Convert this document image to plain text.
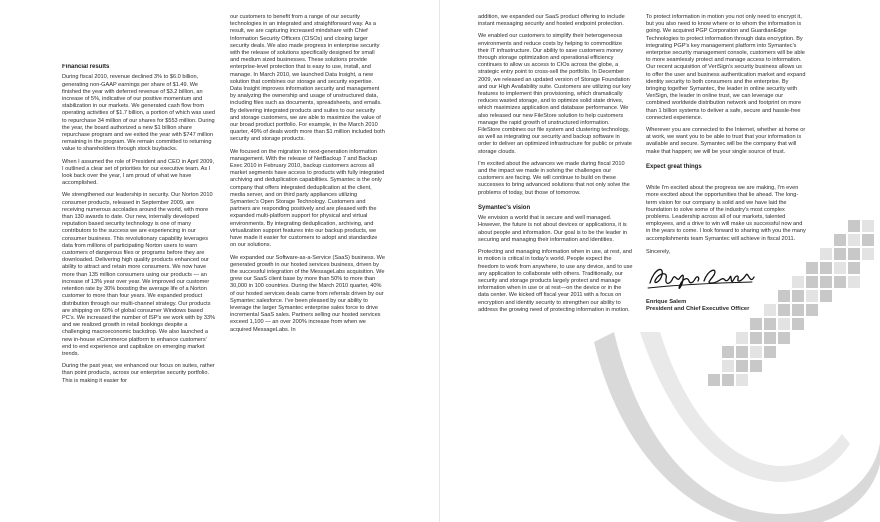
Financial results

During fiscal 2010, revenue declined 3% to $6.0 billion, generating non-GAAP earnings per share of $1.49. We finished the year with deferred revenue of $3.2 billion, an increase of 5%, indicative of our positive momentum and stabilization in our markets. We generated cash flow from operating activities of $1.7 billion, a portion of which was used to repurchase 34 million of our shares for $553 million. During the year, the board authorized a new $1 billion share repurchase program and we exited the year with $747 million remaining in the program. We remain committed to returning value to shareholders through stock buybacks.

When I assumed the role of President and CEO in April 2009, I outlined a clear set of priorities for our executive team. As I look back over the year, I am proud of what we have accomplished.

We strengthened our leadership in security. Our Norton 2010 consumer products, released in September 2009, are receiving numerous accolades around the world, with more than 130 awards to date. Our new, internally developed reputation based security technology is one of many contributors to the success we are experiencing in our consumer business. This revolutionary capability leverages data from millions of participating Norton users to warn customers of dangerous files or programs before they are downloaded. Delivering high quality products enhanced our ability to attract and retain more consumers. We now have more than 135 million consumers using our products — an increase of 13% year over year. We improved our customer retention rate by 30% boosting the average life of a Norton customer to more than four years. We expanded product distribution through our multi-channel strategy. Our products are shipping on 60% of global consumer Windows based PC's. We increased the number of ISP's we work with by 33% and we realized growth in retail bookings despite a challenging macroeconomic backdrop. We also launched a new in-house eCommerce platform to enhance customers' end to end experience and capitalize on emerging market trends.

During the past year, we enhanced our focus on suites, rather than point products, across our enterprise security portfolio. This is making it easier for

our customers to benefit from a range of our security technologies in an integrated and straightforward way. As a result, we are capturing increased mindshare with Chief Information Security Officers (CISOs) and closing larger security deals. We also made progress in enterprise security with the release of solutions specifically designed for small and medium sized businesses. These solutions provide enterprise-level protection that is easy to use, install, and manage. In March 2010, we launched Data Insight, a new solution that combines our storage and security expertise. Data Insight improves information security and management by analyzing the ownership and usage of unstructured data, including files such as documents, spreadsheets, and emails. By delivering integrated products and suites to our security and storage customers, we are able to maximize the value of our broad product portfolio. For example, in the March 2010 quarter, 49% of deals worth more than $1 million included both security and storage products.

We focused on the migration to next-generation information management. With the release of NetBackup 7 and Backup Exec 2010 in February 2010, backup customers across all market segments have access to products with fully integrated archiving and deduplication capabilities. Symantec is the only company that offers integrated deduplication at the client, media server, and on third party appliances utilizing Symantec's Open Storage Technology. Customers and partners are responding positively and are pleased with the expanded multi-platform support for physical and virtual environments. By integrating deduplication, archiving, and virtualization support features into our backup products, we have made it easier for customers to adopt and standardize on our solutions.

We expanded our Software-as-a-Service (SaaS) business. We generated growth in our hosted services business, driven by the successful integration of the MessageLabs acquisition. We grew our SaaS client base by more than 50% to more than 30,000 in 100 countries. During the March 2010 quarter, 40% of our hosted services deals came from referrals driven by our Symantec salesforce. I've been pleased by our ability to leverage the larger Symantec enterprise sales force to drive incremental SaaS sales. Partners selling our hosted services exceed 1,100 — an over 200% increase from when we acquired MessageLabs. In

addition, we expanded our SaaS product offering to include instant messaging security and hosted endpoint protection.

We enabled our customers to simplify their heterogeneous environments and reduce costs by helping to commoditize their IT infrastructure. Our ability to save customers money through storage optimization and operational efficiency continues to allow us access to CIOs across the globe, a strategic entry point to cross-sell the portfolio. In December 2009, we released an updated version of Storage Foundation and our High Availability suite. Customers are utilizing our key features to implement thin provisioning, which dramatically reduces wasted storage, and to optimize solid state drives, which maximizes application and database performance. We also released our new FileStore solution to help customers manage the rapid growth of unstructured information. FileStore combines our file system and clustering technology, as well as integrating our security and backup software in order to deliver an optimized infrastructure for public or private storage clouds.

I'm excited about the advances we made during fiscal 2010 and the impact we made in solving the challenges our customers are facing. We will continue to build on these successes to bring advanced solutions that not only solve the problems of today, but those of tomorrow.

Symantec's vision

We envision a world that is secure and well managed. However, the future is not about devices or applications, it is about people and information. Our goal is to be the leader in securing and managing their information and identities.

Protecting and managing information when in use, at rest, and in motion is critical in today's world. People expect the freedom to work from anywhere, to use any device, and to use any application to collaborate with others. Traditionally, our security and storage products largely protect and manage information when in use or at rest—on the device or in the data center. We kicked off fiscal year 2011 with a focus on encryption and identity security to strengthen our ability to address the growing need of protecting information in motion.

To protect information in motion you not only need to encrypt it, but you also need to know where or to whom the information is going. We acquired PGP Corporation and GuardianEdge Technologies to protect information through data encryption. By integrating PGP's key management platform into Symantec's enterprise security management console, customers will be able to more seamlessly protect and manage access to information. Our recent acquisition of VeriSign's security business allows us to offer the user and business authentication market and expand identity security to both consumers and the enterprise. By bringing together Symantec, the leader in online security with VeriSign, the leader in online trust, we can leverage our combined worldwide distribution network and footprint on more than 1 billion systems to deliver a safe, secure and hassle-free connected experience.

Wherever you are connected to the Internet, whether at home or at work, we want you to be able to trust that your information is available and secure. Symantec will be the company that will make that happen; we will be your single source of trust.

Expect great things

While I'm excited about the progress we are making, I'm even more excited about the opportunities that lie ahead. The long-term vision for our company is solid and we have laid the foundation to solve some of the industry's most complex problems. Leadership across all of our markets, talented employees, and a drive to win will make us successful now and in the years to come. I look forward to sharing with you the many accomplishments team Symantec will achieve in fiscal 2011.

Sincerely,

Enrique Salem
President and Chief Executive Officer
